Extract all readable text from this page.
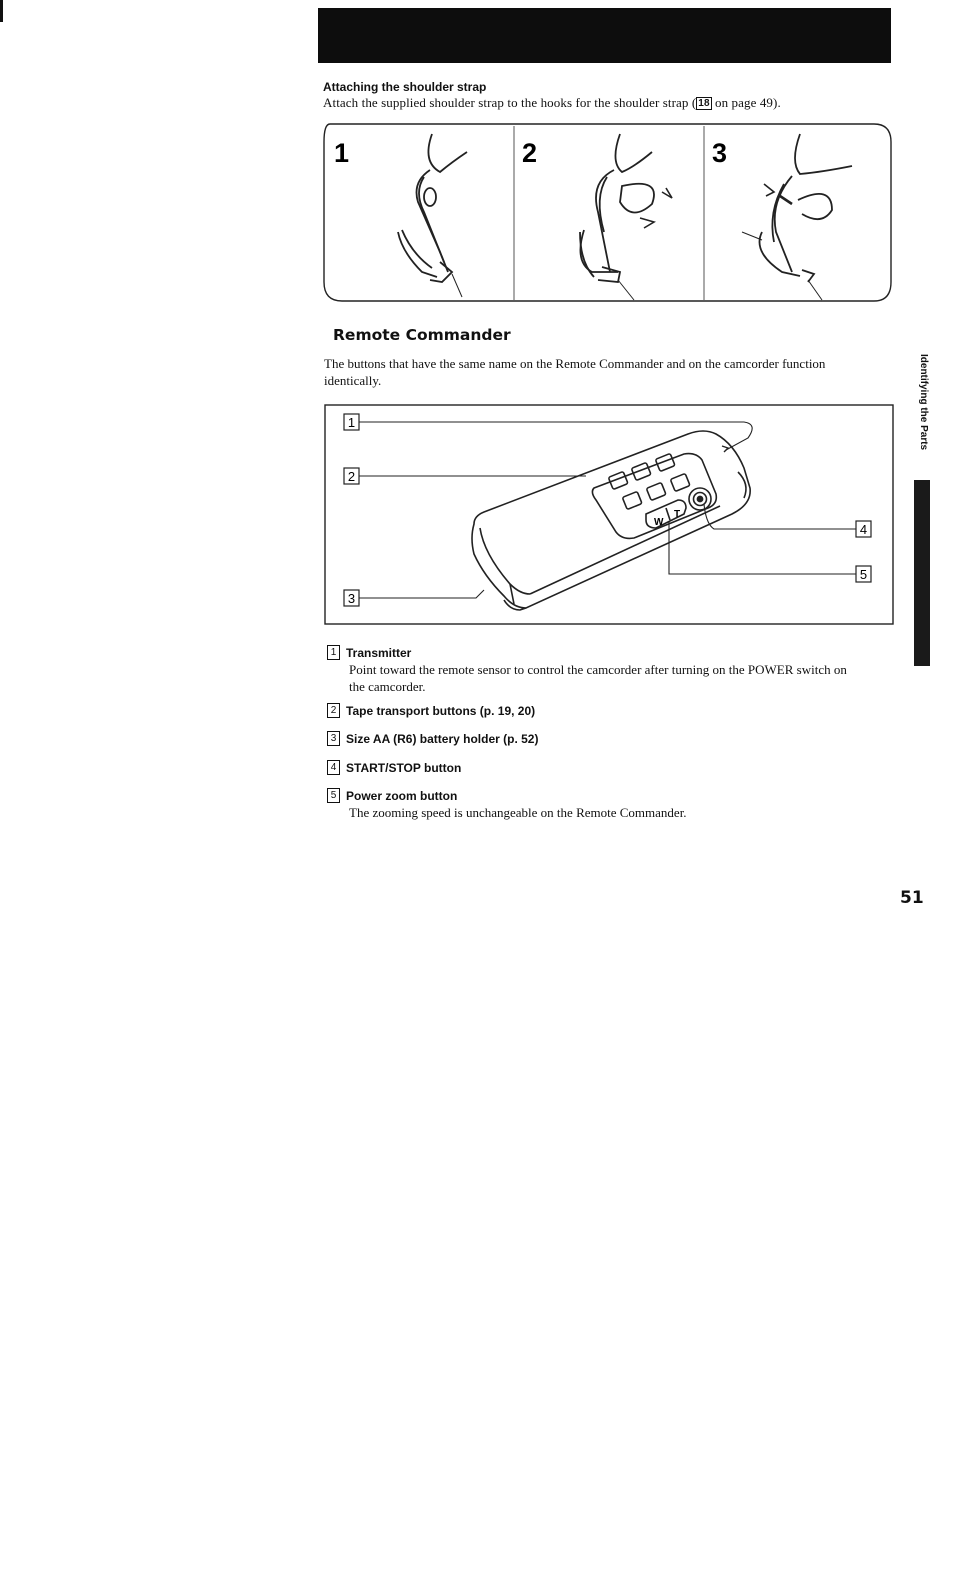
Attaching the shoulder strap
Attach the supplied shoulder strap to the hooks for the shoulder strap ( 18 on page 49).
1	2	3
Remote Commander
The buttons that have the same name on the Remote Commander and on the camcorder function
identically.
1
2
3
4
5
W
T
1 Transmitter
Point toward the remote sensor to control the camcorder after turning on the POWER switch on
the camcorder.
2 Tape transport buttons (p. 19, 20)
3 Size AA (R6) battery holder (p. 52)
4 START/STOP button
5 Power zoom button
The zooming speed is unchangeable on the Remote Commander.
Identifying the Parts
51
